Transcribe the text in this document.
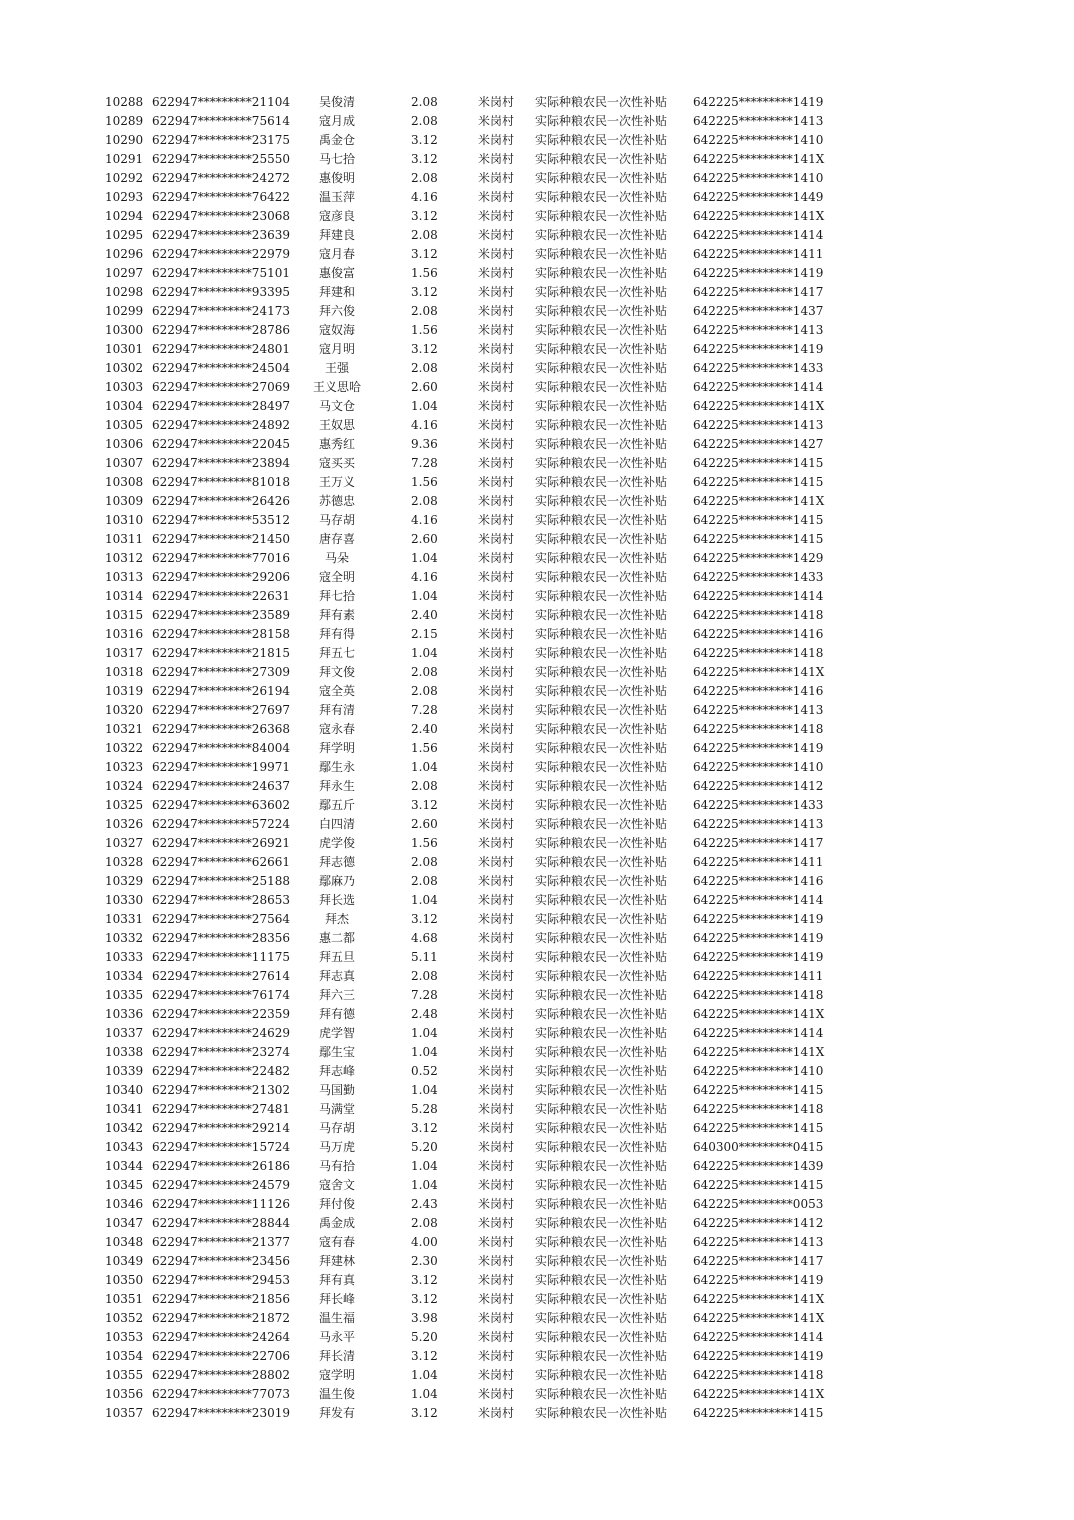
10288 622947*********21104	吴俊清	2.08	米岗村 实际种粮农民一次性补贴 642225*********1419
10289 622947*********75614	寇月成	2.08	米岗村 实际种粮农民一次性补贴 642225*********1413
10290 622947*********23175	禹金仓	3.12	米岗村 实际种粮农民一次性补贴 642225*********1410
10291 622947*********25550	马七拾	3.12	米岗村 实际种粮农民一次性补贴 642225*********141X
10292 622947*********24272	惠俊明	2.08	米岗村 实际种粮农民一次性补贴 642225*********1410
10293 622947*********76422	温玉萍	4.16	米岗村 实际种粮农民一次性补贴 642225*********1449
10294 622947*********23068	寇彦良	3.12	米岗村 实际种粮农民一次性补贴 642225*********141X
10295 622947*********23639	拜建良	2.08	米岗村 实际种粮农民一次性补贴 642225*********1414
10296 622947*********22979	寇月春	3.12	米岗村 实际种粮农民一次性补贴 642225*********1411
10297 622947*********75101	惠俊富	1.56	米岗村 实际种粮农民一次性补贴 642225*********1419
10298 622947*********93395	拜建和	3.12	米岗村 实际种粮农民一次性补贴 642225*********1417
10299 622947*********24173	拜六俊	2.08	米岗村 实际种粮农民一次性补贴 642225*********1437
10300 622947*********28786	寇奴海	1.56	米岗村 实际种粮农民一次性补贴 642225*********1413
10301 622947*********24801	寇月明	3.12	米岗村 实际种粮农民一次性补贴 642225*********1419
10302 622947*********24504	王强	2.08	米岗村 实际种粮农民一次性补贴 642225*********1433
10303 622947*********27069	王义思哈	2.60	米岗村 实际种粮农民一次性补贴 642225*********1414
10304 622947*********28497	马文仓	1.04	米岗村 实际种粮农民一次性补贴 642225*********141X
10305 622947*********24892	王奴思	4.16	米岗村 实际种粮农民一次性补贴 642225*********1413
10306 622947*********22045	惠秀红	9.36	米岗村 实际种粮农民一次性补贴 642225*********1427
10307 622947*********23894	寇买买	7.28	米岗村 实际种粮农民一次性补贴 642225*********1415
10308 622947*********81018	王万义	1.56	米岗村 实际种粮农民一次性补贴 642225*********1415
10309 622947*********26426	苏德忠	2.08	米岗村 实际种粮农民一次性补贴 642225*********141X
10310 622947*********53512	马存胡	4.16	米岗村 实际种粮农民一次性补贴 642225*********1415
10311 622947*********21450	唐存喜	2.60	米岗村 实际种粮农民一次性补贴 642225*********1415
10312 622947*********77016	马朵	1.04	米岗村 实际种粮农民一次性补贴 642225*********1429
10313 622947*********29206	寇全明	4.16	米岗村 实际种粮农民一次性补贴 642225*********1433
10314 622947*********22631	拜七拾	1.04	米岗村 实际种粮农民一次性补贴 642225*********1414
10315 622947*********23589	拜有素	2.40	米岗村 实际种粮农民一次性补贴 642225*********1418
10316 622947*********28158	拜有得	2.15	米岗村 实际种粮农民一次性补贴 642225*********1416
10317 622947*********21815	拜五七	1.04	米岗村 实际种粮农民一次性补贴 642225*********1418
10318 622947*********27309	拜文俊	2.08	米岗村 实际种粮农民一次性补贴 642225*********141X
10319 622947*********26194	寇全英	2.08	米岗村 实际种粮农民一次性补贴 642225*********1416
10320 622947*********27697	拜有清	7.28	米岗村 实际种粮农民一次性补贴 642225*********1413
10321 622947*********26368	寇永春	2.40	米岗村 实际种粮农民一次性补贴 642225*********1418
10322 622947*********84004	拜学明	1.56	米岗村 实际种粮农民一次性补贴 642225*********1419
10323 622947*********19971	鄢生永	1.04	米岗村 实际种粮农民一次性补贴 642225*********1410
10324 622947*********24637	拜永生	2.08	米岗村 实际种粮农民一次性补贴 642225*********1412
10325 622947*********63602	鄢五斤	3.12	米岗村 实际种粮农民一次性补贴 642225*********1433
10326 622947*********57224	白四清	2.60	米岗村 实际种粮农民一次性补贴 642225*********1413
10327 622947*********26921	虎学俊	1.56	米岗村 实际种粮农民一次性补贴 642225*********1417
10328 622947*********62661	拜志德	2.08	米岗村 实际种粮农民一次性补贴 642225*********1411
10329 622947*********25188	鄢麻乃	2.08	米岗村 实际种粮农民一次性补贴 642225*********1416
10330 622947*********28653	拜长选	1.04	米岗村 实际种粮农民一次性补贴 642225*********1414
10331 622947*********27564	拜杰	3.12	米岗村 实际种粮农民一次性补贴 642225*********1419
10332 622947*********28356	惠二都	4.68	米岗村 实际种粮农民一次性补贴 642225*********1419
10333 622947*********11175	拜五旦	5.11	米岗村 实际种粮农民一次性补贴 642225*********1419
10334 622947*********27614	拜志真	2.08	米岗村 实际种粮农民一次性补贴 642225*********1411
10335 622947*********76174	拜六三	7.28	米岗村 实际种粮农民一次性补贴 642225*********1418
10336 622947*********22359	拜有德	2.48	米岗村 实际种粮农民一次性补贴 642225*********141X
10337 622947*********24629	虎学智	1.04	米岗村 实际种粮农民一次性补贴 642225*********1414
10338 622947*********23274	鄢生宝	1.04	米岗村 实际种粮农民一次性补贴 642225*********141X
10339 622947*********22482	拜志峰	0.52	米岗村 实际种粮农民一次性补贴 642225*********1410
10340 622947*********21302	马国勤	1.04	米岗村 实际种粮农民一次性补贴 642225*********1415
10341 622947*********27481	马满堂	5.28	米岗村 实际种粮农民一次性补贴 642225*********1418
10342 622947*********29214	马存胡	3.12	米岗村 实际种粮农民一次性补贴 642225*********1415
10343 622947*********15724	马万虎	5.20	米岗村 实际种粮农民一次性补贴 640300*********0415
10344 622947*********26186	马有拾	1.04	米岗村 实际种粮农民一次性补贴 642225*********1439
10345 622947*********24579	寇舍文	1.04	米岗村 实际种粮农民一次性补贴 642225*********1415
10346 622947*********11126	拜付俊	2.43	米岗村 实际种粮农民一次性补贴 642225*********0053
10347 622947*********28844	禹金成	2.08	米岗村 实际种粮农民一次性补贴 642225*********1412
10348 622947*********21377	寇有春	4.00	米岗村 实际种粮农民一次性补贴 642225*********1413
10349 622947*********23456	拜建林	2.30	米岗村 实际种粮农民一次性补贴 642225*********1417
10350 622947*********29453	拜有真	3.12	米岗村 实际种粮农民一次性补贴 642225*********1419
10351 622947*********21856	拜长峰	3.12	米岗村 实际种粮农民一次性补贴 642225*********141X
10352 622947*********21872	温生福	3.98	米岗村 实际种粮农民一次性补贴 642225*********141X
10353 622947*********24264	马永平	5.20	米岗村 实际种粮农民一次性补贴 642225*********1414
10354 622947*********22706	拜长清	3.12	米岗村 实际种粮农民一次性补贴 642225*********1419
10355 622947*********28802	寇学明	1.04	米岗村 实际种粮农民一次性补贴 642225*********1418
10356 622947*********77073	温生俊	1.04	米岗村 实际种粮农民一次性补贴 642225*********141X
10357 622947*********23019	拜发有	3.12	米岗村 实际种粮农民一次性补贴 642225*********1415
